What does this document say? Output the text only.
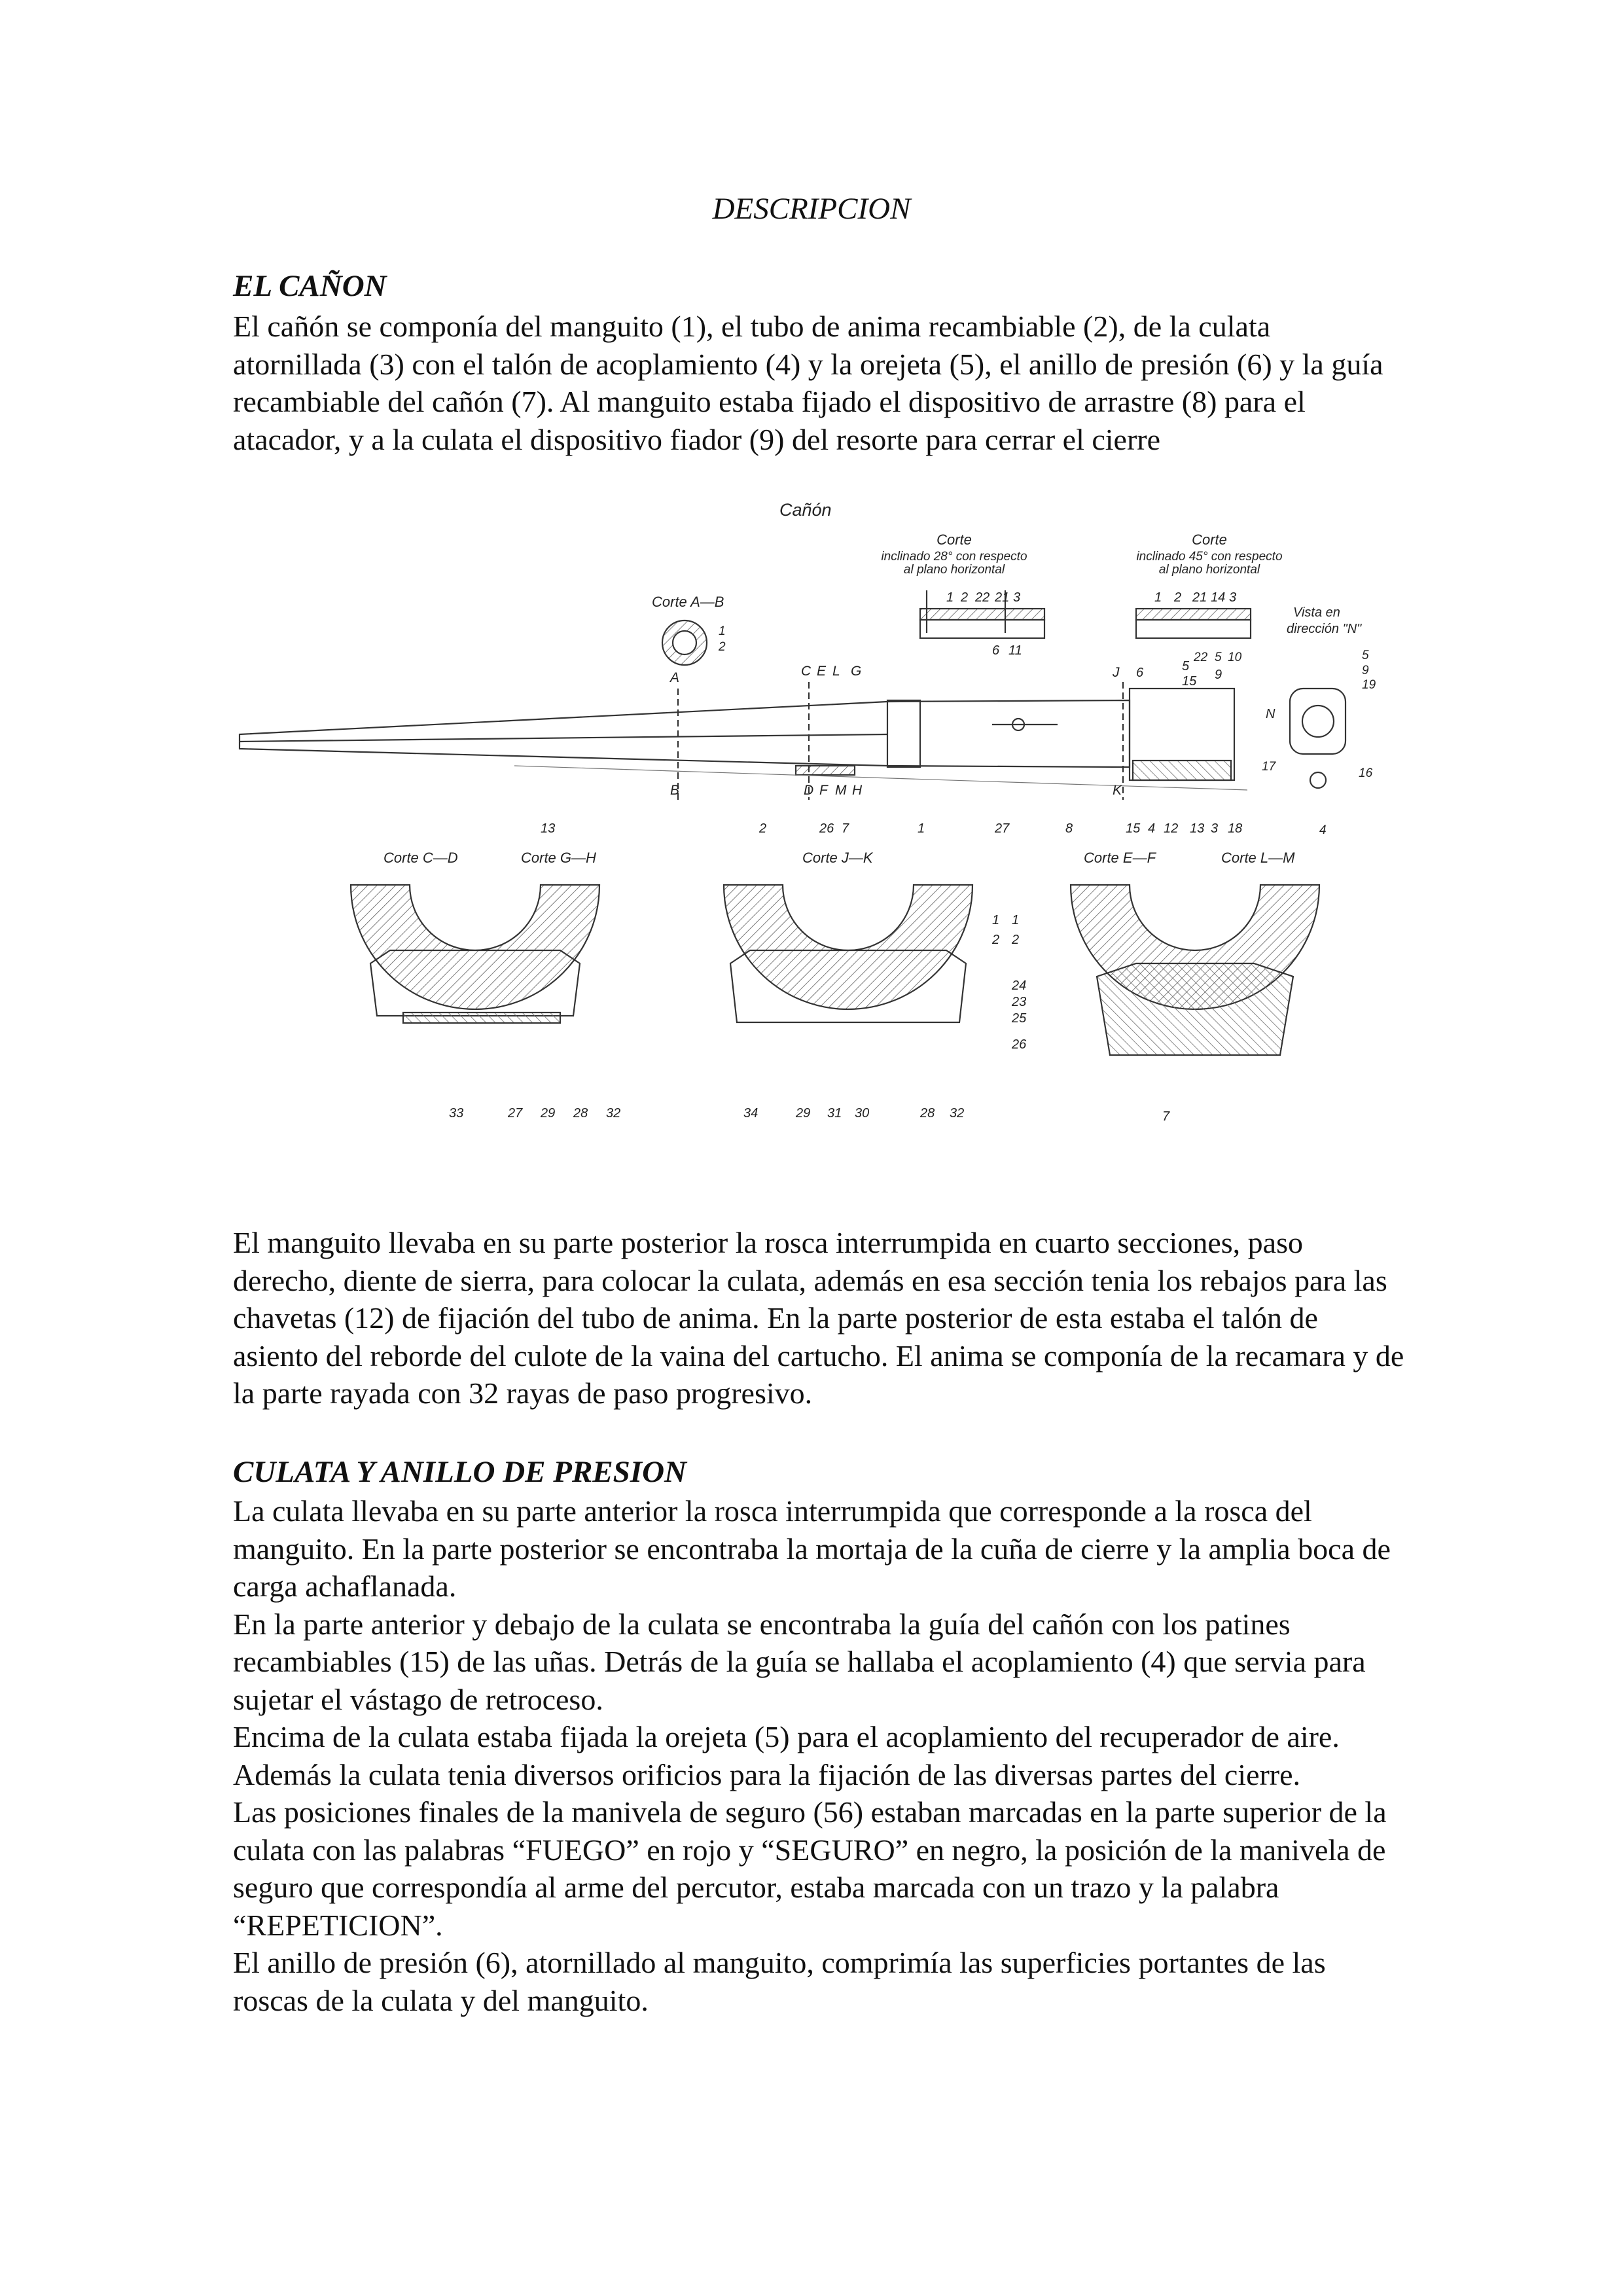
DESCRIPCION
EL CAÑON

El cañón se componía del manguito (1), el tubo de anima recambiable (2), de la culata atornillada (3) con el talón de acoplamiento (4) y la orejeta (5), el anillo de presión (6) y la guía recambiable del cañón (7). Al manguito estaba fijado el dispositivo de arrastre (8) para el atacador, y a la culata el dispositivo fiador (9) del resorte para cerrar el cierre

Cañón
Corte
inclinado 28° con respecto
al plano horizontal
1 2 22 21 3
6 11
Corte
inclinado 45° con respecto
al plano horizontal
1 2 21 14 3
22 5 10
Corte A—B
1
2
Vista en
dirección "N"
5
9
19
N
17	16
4
A	C E L G	J
B	D F M H	K
6	5
15 9
13	2	26 7	1	27	8	15 4 12 13 3 18
Corte C—D	Corte G—H	Corte J—K	Corte E—F	Corte L—M
33	27 29 28 32
1
2
34	29 31 30	28 32
1
2
24
23
25
26
7

El manguito llevaba en su parte posterior la rosca interrumpida en cuarto secciones, paso derecho, diente de sierra, para colocar la culata, además en esa sección tenia los rebajos para las chavetas (12) de fijación del tubo de anima. En la parte posterior de esta estaba el talón de asiento del reborde del culote de la vaina del cartucho. El anima se componía de la recamara y de la parte rayada con 32 rayas de paso progresivo.

CULATA Y ANILLO DE PRESION

La culata llevaba en su parte anterior la rosca interrumpida que corresponde a la rosca del manguito. En la parte posterior se encontraba la mortaja de la cuña de cierre y la amplia boca de carga achaflanada.

En la parte anterior y debajo de la culata se encontraba la guía del cañón con los patines recambiables (15) de las uñas. Detrás de la guía se hallaba el acoplamiento (4) que servia para sujetar el vástago de retroceso.

Encima de la culata estaba fijada la orejeta (5) para el acoplamiento del recuperador de aire.

Además la culata tenia diversos orificios para la fijación de las diversas partes del cierre.

Las posiciones finales de la manivela de seguro (56) estaban marcadas en la parte superior de la culata con las palabras “FUEGO” en rojo y “SEGURO” en negro, la posición de la manivela de seguro que correspondía al arme del percutor, estaba marcada con un trazo y la palabra “REPETICION”.

El anillo de presión (6), atornillado al manguito, comprimía las superficies portantes de las roscas de la culata y del manguito.
